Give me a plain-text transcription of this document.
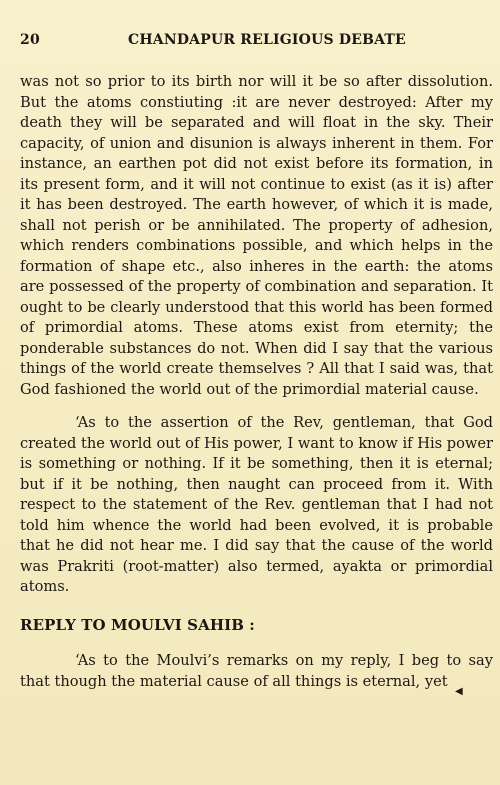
20	CHANDAPUR RELIGIOUS DEBATE

was not so prior to its birth nor will it be so after dissolution. But the atoms constiuting :it are never destroyed: After my death they will be separated and will float in the sky. Their capacity, of union and disunion is always inherent in them. For instance, an earthen pot did not exist before its formation, in its present form, and it will not continue to exist (as it is) after it has been destroyed. The earth however, of which it is made, shall not perish or be annihilated. The property of adhesion, which renders combinations possible, and which helps in the formation of shape etc., also inheres in the earth: the atoms are possessed of the property of combination and separation. It ought to be clearly understood that this world has been formed of primordial atoms. These atoms exist from eternity; the ponderable substances do not. When did I say that the various things of the world create themselves ? All that I said was, that God fashioned the world out of the primordial material cause.

‘As to the assertion of the Rev, gentleman, that God created the world out of His power, I want to know if His power is something or nothing. If it be something, then it is eternal; but if it be nothing, then naught can proceed from it. With respect to the statement of the Rev. gentleman that I had not told him whence the world had been evolved, it is probable that he did not hear me. I did say that the cause of the world was Prakriti (root-matter) also termed, ayakta or primordial atoms.

REPLY TO MOULVI SAHIB :

‘As to the Moulvi’s remarks on my reply, I beg to say that though the material cause of all things is eternal, yet

◀
